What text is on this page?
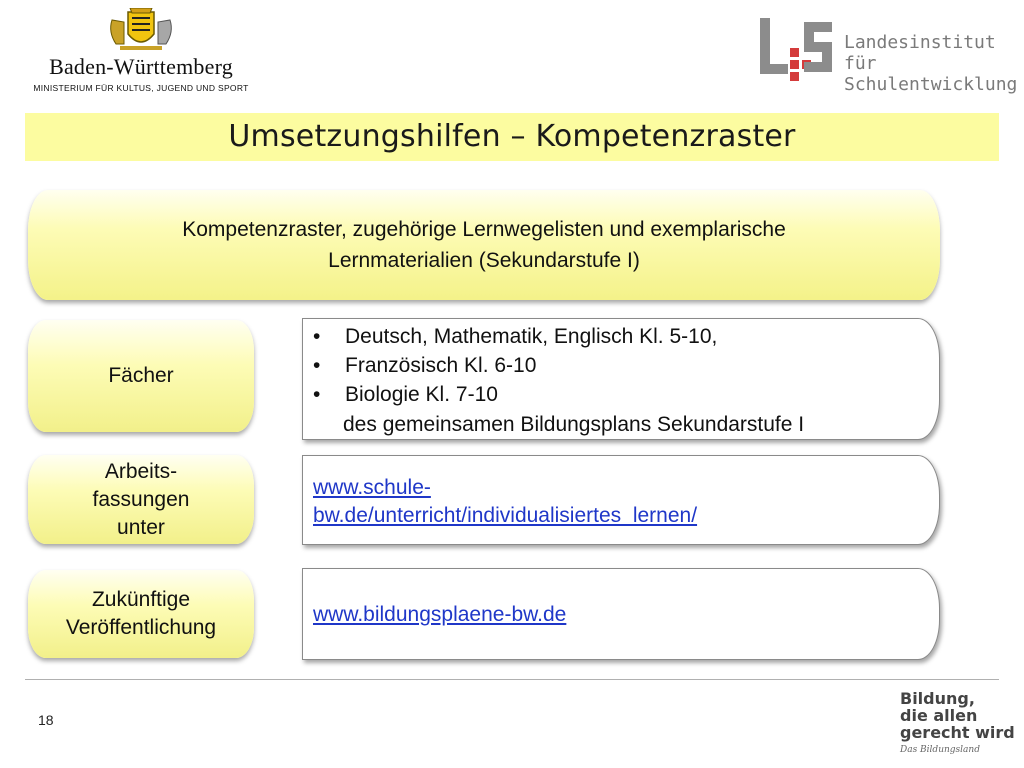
Baden-Württemberg
MINISTERIUM FÜR KULTUS, JUGEND UND SPORT
Landesinstitut
für Schulentwicklung
Umsetzungshilfen – Kompetenzraster
Kompetenzraster, zugehörige Lernwegelisten und exemplarische
Lernmaterialien (Sekundarstufe I)
Fächer
• Deutsch, Mathematik, Englisch Kl. 5-10,
• Französisch Kl. 6-10
• Biologie Kl. 7-10
des gemeinsamen Bildungsplans Sekundarstufe I
Arbeits-
fassungen
unter
www.schule-
bw.de/unterricht/individualisiertes_lernen/
Zukünftige
Veröffentlichung
www.bildungsplaene-bw.de
18
Bildung,
die allen
gerecht wird
Das Bildungsland
